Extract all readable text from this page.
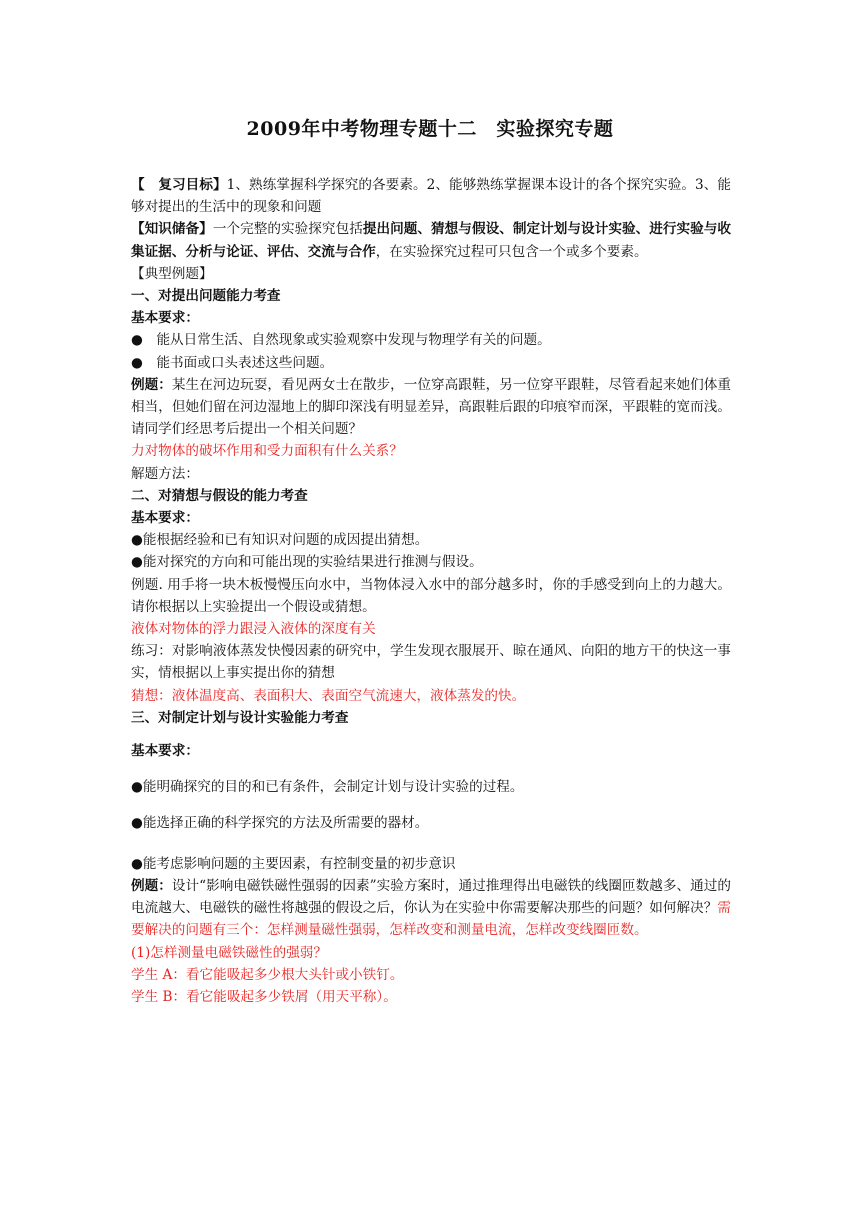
2009年中考物理专题十二　实验探究专题

【　复习目标】1、熟练掌握科学探究的各要素。2、能够熟练掌握课本设计的各个探究实验。3、能够对提出的生活中的现象和问题

【知识储备】一个完整的实验探究包括提出问题、猜想与假设、制定计划与设计实验、进行实验与收集证据、分析与论证、评估、交流与合作，在实验探究过程可只包含一个或多个要素。

【典型例题】

一、对提出问题能力考查

基本要求：

●　能从日常生活、自然现象或实验观察中发现与物理学有关的问题。

●　能书面或口头表述这些问题。

例题：某生在河边玩耍，看见两女士在散步，一位穿高跟鞋，另一位穿平跟鞋，尽管看起来她们体重相当，但她们留在河边湿地上的脚印深浅有明显差异，高跟鞋后跟的印痕窄而深，平跟鞋的宽而浅。请同学们经思考后提出一个相关问题？

力对物体的破坏作用和受力面积有什么关系？

解题方法：

二、对猜想与假设的能力考查

基本要求：

●能根据经验和已有知识对问题的成因提出猜想。

●能对探究的方向和可能出现的实验结果进行推测与假设。

例题. 用手将一块木板慢慢压向水中，当物体浸入水中的部分越多时，你的手感受到向上的力越大。请你根据以上实验提出一个假设或猜想。

液体对物体的浮力跟浸入液体的深度有关

练习：对影响液体蒸发快慢因素的研究中，学生发现衣服展开、晾在通风、向阳的地方干的快这一事实，情根据以上事实提出你的猜想

猜想：液体温度高、表面积大、表面空气流速大，液体蒸发的快。

三、对制定计划与设计实验能力考查

基本要求：

●能明确探究的目的和已有条件，会制定计划与设计实验的过程。

●能选择正确的科学探究的方法及所需要的器材。

●能考虑影响问题的主要因素，有控制变量的初步意识

例题：设计“影响电磁铁磁性强弱的因素”实验方案时，通过推理得出电磁铁的线圈匝数越多、通过的电流越大、电磁铁的磁性将越强的假设之后，你认为在实验中你需要解决那些的问题？如何解决？需要解决的问题有三个：怎样测量磁性强弱，怎样改变和测量电流，怎样改变线圈匝数。

(1)怎样测量电磁铁磁性的强弱？

学生 A：看它能吸起多少根大头针或小铁钉。

学生 B：看它能吸起多少铁屑（用天平称）。
